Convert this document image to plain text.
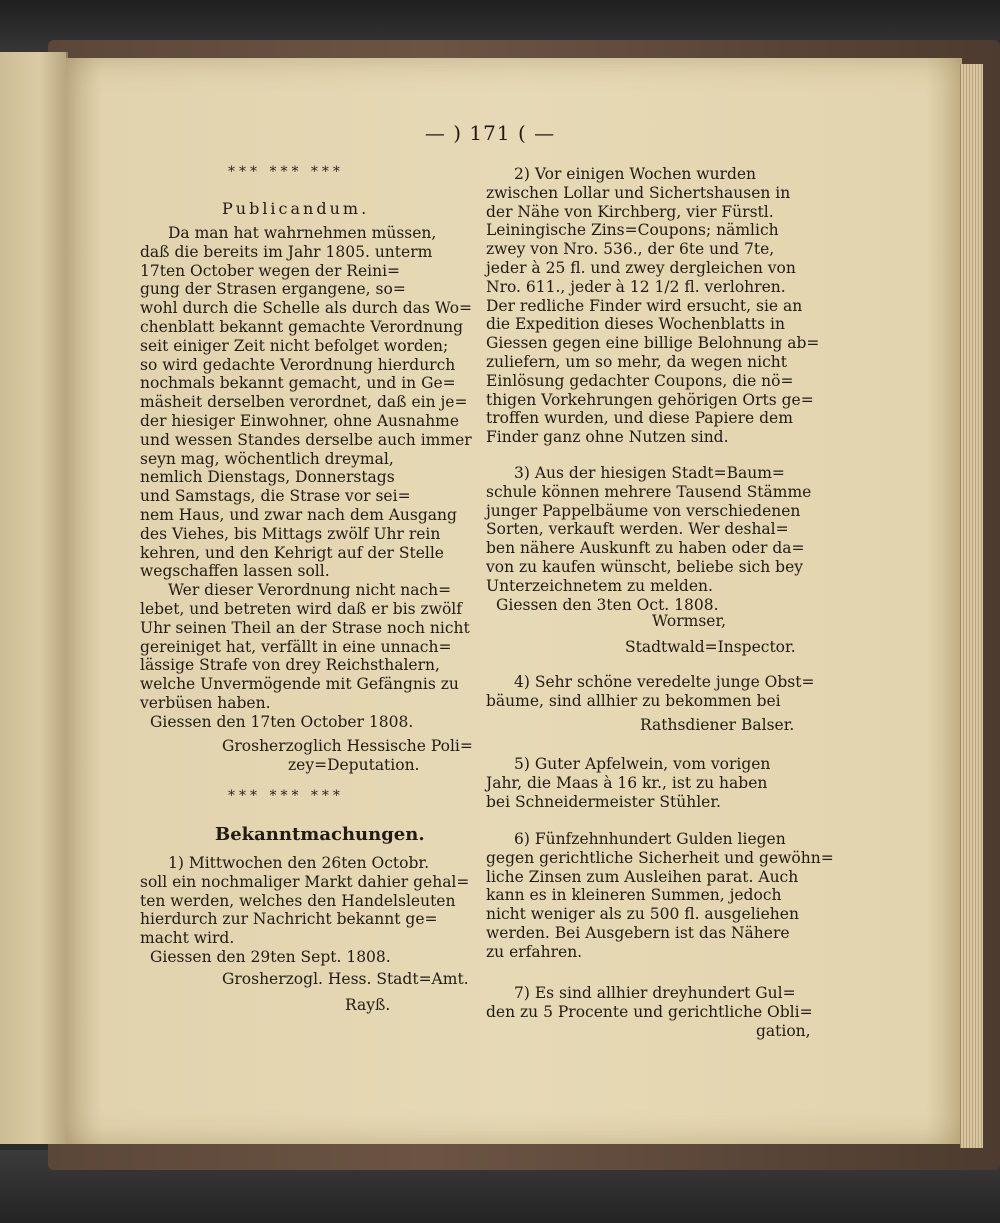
— ) 171 ( —
*** *** ***
Publicandum.
Da man hat wahrnehmen müssen,
daß die bereits im Jahr 1805. unterm
17ten October wegen der Reini=
gung der Strasen ergangene, so=
wohl durch die Schelle als durch das Wo=
chenblatt bekannt gemachte Verordnung
seit einiger Zeit nicht befolget worden;
so wird gedachte Verordnung hierdurch
nochmals bekannt gemacht, und in Ge=
mäsheit derselben verordnet, daß ein je=
der hiesiger Einwohner, ohne Ausnahme
und wessen Standes derselbe auch immer
seyn mag, wöchentlich dreymal,
nemlich Dienstags, Donnerstags
und Samstags, die Strase vor sei=
nem Haus, und zwar nach dem Ausgang
des Viehes, bis Mittags zwölf Uhr rein
kehren, und den Kehrigt auf der Stelle
wegschaffen lassen soll.
Wer dieser Verordnung nicht nach=
lebet, und betreten wird daß er bis zwölf
Uhr seinen Theil an der Strase noch nicht
gereiniget hat, verfällt in eine unnach=
lässige Strafe von drey Reichsthalern,
welche Unvermögende mit Gefängnis zu
verbüsen haben.
Giessen den 17ten October 1808.
Grosherzoglich Hessische Poli=
zey=Deputation.
*** *** ***
Bekanntmachungen.
1) Mittwochen den 26ten Octobr.
soll ein nochmaliger Markt dahier gehal=
ten werden, welches den Handelsleuten
hierdurch zur Nachricht bekannt ge=
macht wird.
Giessen den 29ten Sept. 1808.
Grosherzogl. Hess. Stadt=Amt.
Rayß.
2) Vor einigen Wochen wurden
zwischen Lollar und Sichertshausen in
der Nähe von Kirchberg, vier Fürstl.
Leiningische Zins=Coupons; nämlich
zwey von Nro. 536., der 6te und 7te,
jeder à 25 fl. und zwey dergleichen von
Nro. 611., jeder à 12 1/2 fl. verlohren.
Der redliche Finder wird ersucht, sie an
die Expedition dieses Wochenblatts in
Giessen gegen eine billige Belohnung ab=
zuliefern, um so mehr, da wegen nicht
Einlösung gedachter Coupons, die nö=
thigen Vorkehrungen gehörigen Orts ge=
troffen wurden, und diese Papiere dem
Finder ganz ohne Nutzen sind.
3) Aus der hiesigen Stadt=Baum=
schule können mehrere Tausend Stämme
junger Pappelbäume von verschiedenen
Sorten, verkauft werden. Wer deshal=
ben nähere Auskunft zu haben oder da=
von zu kaufen wünscht, beliebe sich bey
Unterzeichnetem zu melden.
Giessen den 3ten Oct. 1808.
Wormser,
Stadtwald=Inspector.
4) Sehr schöne veredelte junge Obst=
bäume, sind allhier zu bekommen bei
Rathsdiener Balser.
5) Guter Apfelwein, vom vorigen
Jahr, die Maas à 16 kr., ist zu haben
bei Schneidermeister Stühler.
6) Fünfzehnhundert Gulden liegen
gegen gerichtliche Sicherheit und gewöhn=
liche Zinsen zum Ausleihen parat. Auch
kann es in kleineren Summen, jedoch
nicht weniger als zu 500 fl. ausgeliehen
werden. Bei Ausgebern ist das Nähere
zu erfahren.
7) Es sind allhier dreyhundert Gul=
den zu 5 Procente und gerichtliche Obli=
gation,
